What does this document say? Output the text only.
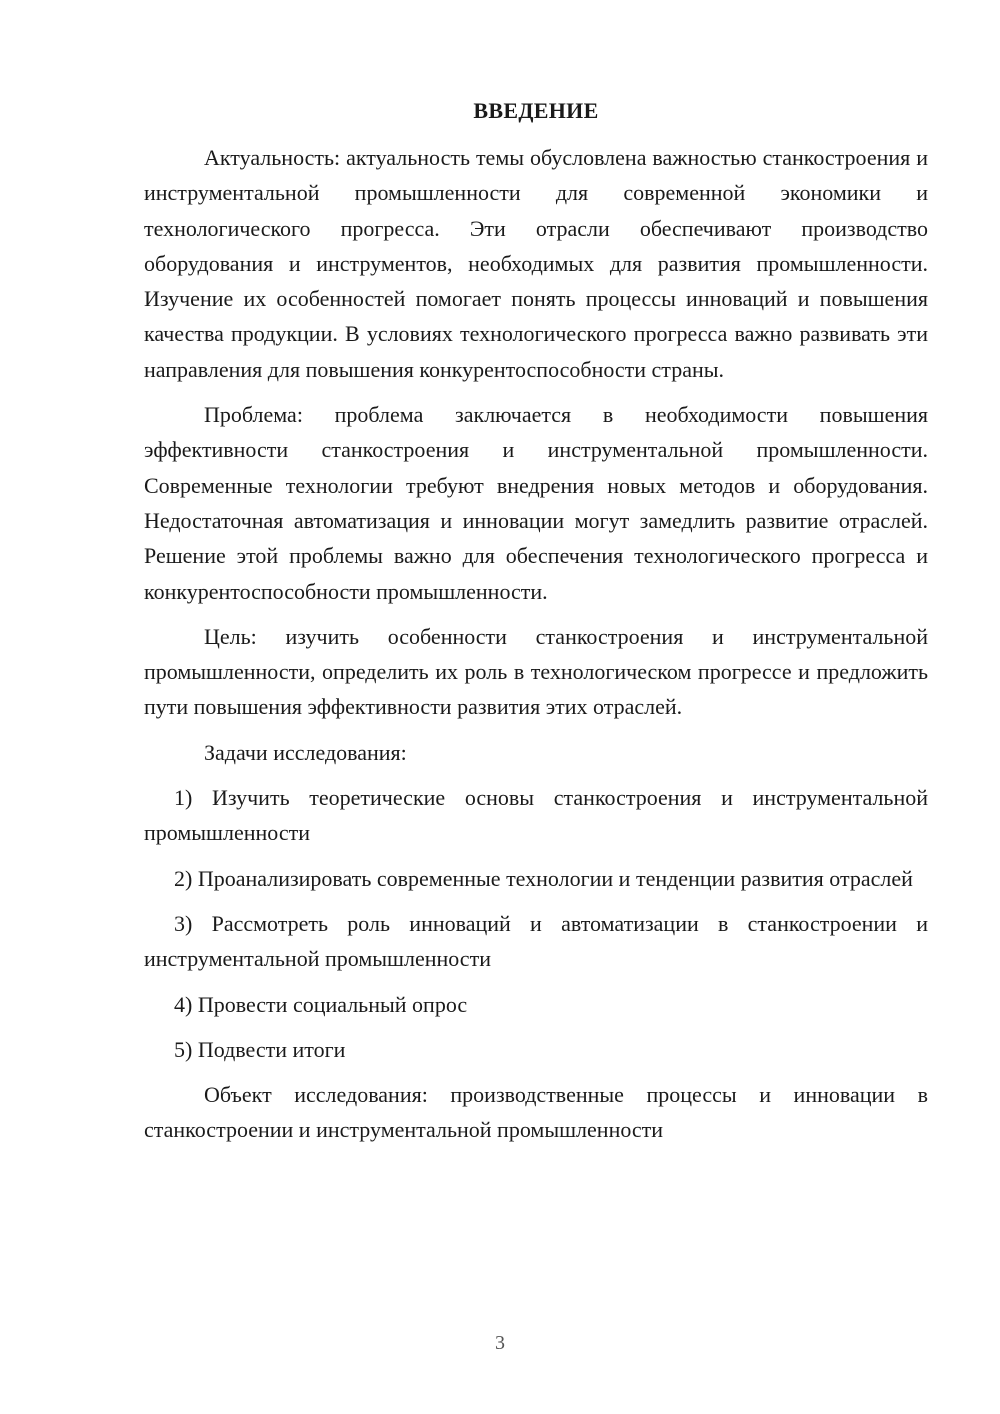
ВВЕДЕНИЕ

Актуальность: актуальность темы обусловлена важностью станкостроения и инструментальной промышленности для современной экономики и технологического прогресса. Эти отрасли обеспечивают производство оборудования и инструментов, необходимых для развития промышленности. Изучение их особенностей помогает понять процессы инноваций и повышения качества продукции. В условиях технологического прогресса важно развивать эти направления для повышения конкурентоспособности страны.

Проблема: проблема заключается в необходимости повышения эффективности станкостроения и инструментальной промышленности. Современные технологии требуют внедрения новых методов и оборудования. Недостаточная автоматизация и инновации могут замедлить развитие отраслей. Решение этой проблемы важно для обеспечения технологического прогресса и конкурентоспособности промышленности.

Цель: изучить особенности станкостроения и инструментальной промышленности, определить их роль в технологическом прогрессе и предложить пути повышения эффективности развития этих отраслей.

Задачи исследования:

1) Изучить теоретические основы станкостроения и инструментальной промышленности

2) Проанализировать современные технологии и тенденции развития отраслей

3) Рассмотреть роль инноваций и автоматизации в станкостроении и инструментальной промышленности

4) Провести социальный опрос

5) Подвести итоги

Объект исследования: производственные процессы и инновации в станкостроении и инструментальной промышленности

3
